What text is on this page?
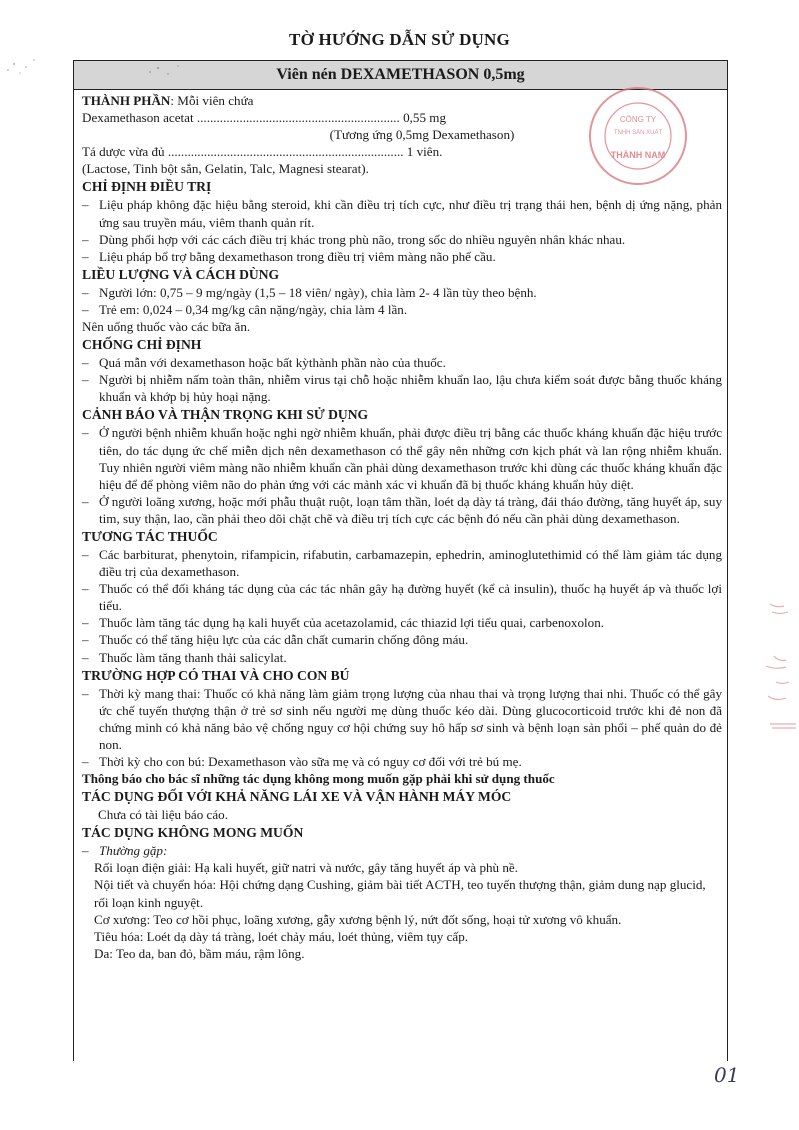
TỜ HƯỚNG DẪN SỬ DỤNG
Viên nén DEXAMETHASON 0,5mg
THÀNH PHẦN: Mỗi viên chứa
Dexamethason acetat .............................................................. 0,55 mg
(Tương ứng 0,5mg Dexamethason)
Tá dược vừa đủ ........................................................................ 1 viên.
(Lactose, Tinh bột sắn, Gelatin, Talc, Magnesi stearat).
CHỈ ĐỊNH ĐIỀU TRỊ
– Liệu pháp không đặc hiệu bằng steroid, khi cần điều trị tích cực, như điều trị trạng thái hen, bệnh dị ứng nặng, phản ứng sau truyền máu, viêm thanh quản rít.
– Dùng phối hợp với các cách điều trị khác trong phù não, trong sốc do nhiều nguyên nhân khác nhau.
– Liệu pháp bổ trợ bằng dexamethason trong điều trị viêm màng não phế cầu.
LIỀU LƯỢNG VÀ CÁCH DÙNG
– Người lớn: 0,75 – 9 mg/ngày (1,5 – 18 viên/ ngày), chia làm 2- 4 lần tùy theo bệnh.
– Trẻ em: 0,024 – 0,34 mg/kg cân nặng/ngày, chia làm 4 lần.
Nên uống thuốc vào các bữa ăn.
CHỐNG CHỈ ĐỊNH
– Quá mẫn với dexamethason hoặc bất kỳthành phần nào của thuốc.
– Người bị nhiễm nấm toàn thân, nhiễm virus tại chỗ hoặc nhiễm khuẩn lao, lậu chưa kiểm soát được bằng thuốc kháng khuẩn và khớp bị hủy hoại nặng.
CẢNH BÁO VÀ THẬN TRỌNG KHI SỬ DỤNG
– Ở người bệnh nhiễm khuẩn hoặc nghi ngờ nhiễm khuẩn, phải được điều trị bằng các thuốc kháng khuẩn đặc hiệu trước tiên, do tác dụng ức chế miễn dịch nên dexamethason có thể gây nên những cơn kịch phát và lan rộng nhiễm khuẩn. Tuy nhiên người viêm màng não nhiễm khuẩn cần phải dùng dexamethason trước khi dùng các thuốc kháng khuẩn đặc hiệu để để phòng viêm não do phản ứng với các mảnh xác vi khuẩn đã bị thuốc kháng khuẩn hủy diệt.
– Ở người loãng xương, hoặc mới phẫu thuật ruột, loạn tâm thần, loét dạ dày tá tràng, đái tháo đường, tăng huyết áp, suy tim, suy thận, lao, cần phải theo dõi chặt chẽ và điều trị tích cực các bệnh đó nếu cần phải dùng dexamethason.
TƯƠNG TÁC THUỐC
– Các barbiturat, phenytoin, rifampicin, rifabutin, carbamazepin, ephedrin, aminoglutethimid có thể làm giảm tác dụng điều trị của dexamethason.
– Thuốc có thể đối kháng tác dụng của các tác nhân gây hạ đường huyết (kể cả insulin), thuốc hạ huyết áp và thuốc lợi tiểu.
– Thuốc làm tăng tác dụng hạ kali huyết của acetazolamid, các thiazid lợi tiểu quai, carbenoxolon.
– Thuốc có thể tăng hiệu lực của các dẫn chất cumarin chống đông máu.
– Thuốc làm tăng thanh thải salicylat.
TRƯỜNG HỢP CÓ THAI VÀ CHO CON BÚ
– Thời kỳ mang thai: Thuốc có khả năng làm giảm trọng lượng của nhau thai và trọng lượng thai nhi. Thuốc có thể gây ức chế tuyến thượng thận ở trẻ sơ sinh nếu người mẹ dùng thuốc kéo dài. Dùng glucocorticoid trước khi đẻ non đã chứng minh có khả năng bảo vệ chống nguy cơ hội chứng suy hô hấp sơ sinh và bệnh loạn sản phổi – phế quản do đẻ non.
– Thời kỳ cho con bú: Dexamethason vào sữa mẹ và có nguy cơ đối với trẻ bú mẹ.
Thông báo cho bác sĩ những tác dụng không mong muốn gặp phải khi sử dụng thuốc
TÁC DỤNG ĐỐI VỚI KHẢ NĂNG LÁI XE VÀ VẬN HÀNH MÁY MÓC
Chưa có tài liệu báo cáo.
TÁC DỤNG KHÔNG MONG MUỐN
– Thường gặp:
Rối loạn điện giải: Hạ kali huyết, giữ natri và nước, gây tăng huyết áp và phù nề.
Nội tiết và chuyển hóa: Hội chứng dạng Cushing, giảm bài tiết ACTH, teo tuyến thượng thận, giảm dung nạp glucid, rối loạn kinh nguyệt.
Cơ xương: Teo cơ hồi phục, loãng xương, gẫy xương bệnh lý, nứt đốt sống, hoại tử xương vô khuẩn.
Tiêu hóa: Loét dạ dày tá tràng, loét chảy máu, loét thủng, viêm tụy cấp.
Da: Teo da, ban đỏ, bầm máu, rậm lông.
CÔNG TY
TNHH SẢN XUẤT
THÀNH NAM
01
